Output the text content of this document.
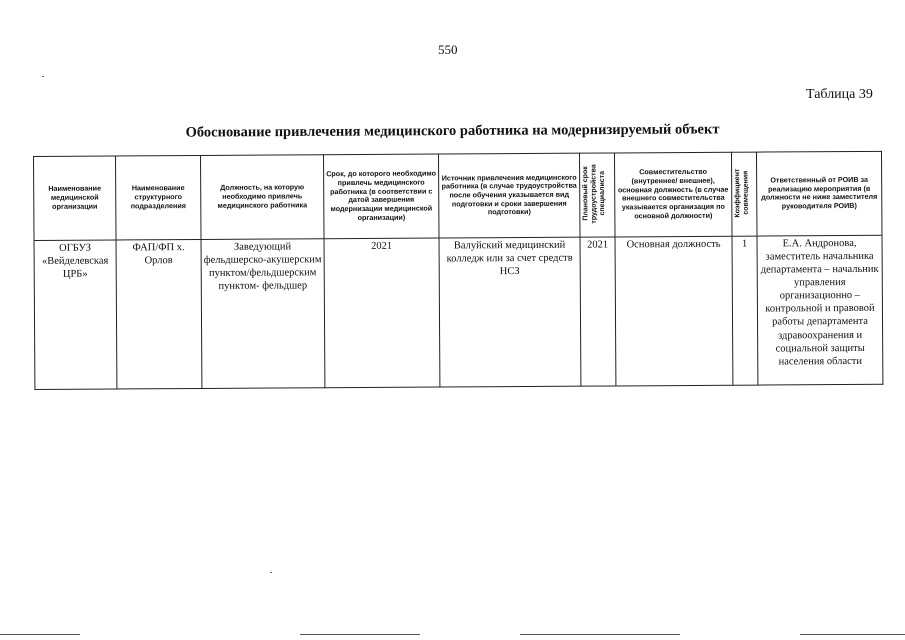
550
Таблица 39
Обоснование привлечения медицинского работника на модернизируемый объект
Наименование медицинской организации	Наименование структурного подразделения	Должность, на которую необходимо привлечь медицинского работника	Срок, до которого необходимо привлечь медицинского работника (в соответствии с датой завершения модернизации медицинской организации)	Источник привлечения медицинского работника (в случае трудоустройства после обучения указывается вид подготовки и сроки завершения подготовки)	Плановый срок трудоустройства специалиста	Совместительство (внутреннее/ внешнее), основная должность (в случае внешнего совместительства указывается организация по основной должности)	Коэффициент совмещения	Ответственный от РОИВ за реализацию мероприятия (в должности не ниже заместителя руководителя РОИВ)
ОГБУЗ «Вейделевская ЦРБ»	ФАП/ФП х. Орлов	Заведующий фельдшерско-акушерским пунктом/фельдшерским пунктом- фельдшер	2021	Валуйский медицинский колледж или за счет средств НСЗ	2021	Основная должность	1	Е.А. Андронова, заместитель начальника департамента – начальник управления организационно – контрольной и правовой работы департамента здравоохранения и социальной защиты населения области
